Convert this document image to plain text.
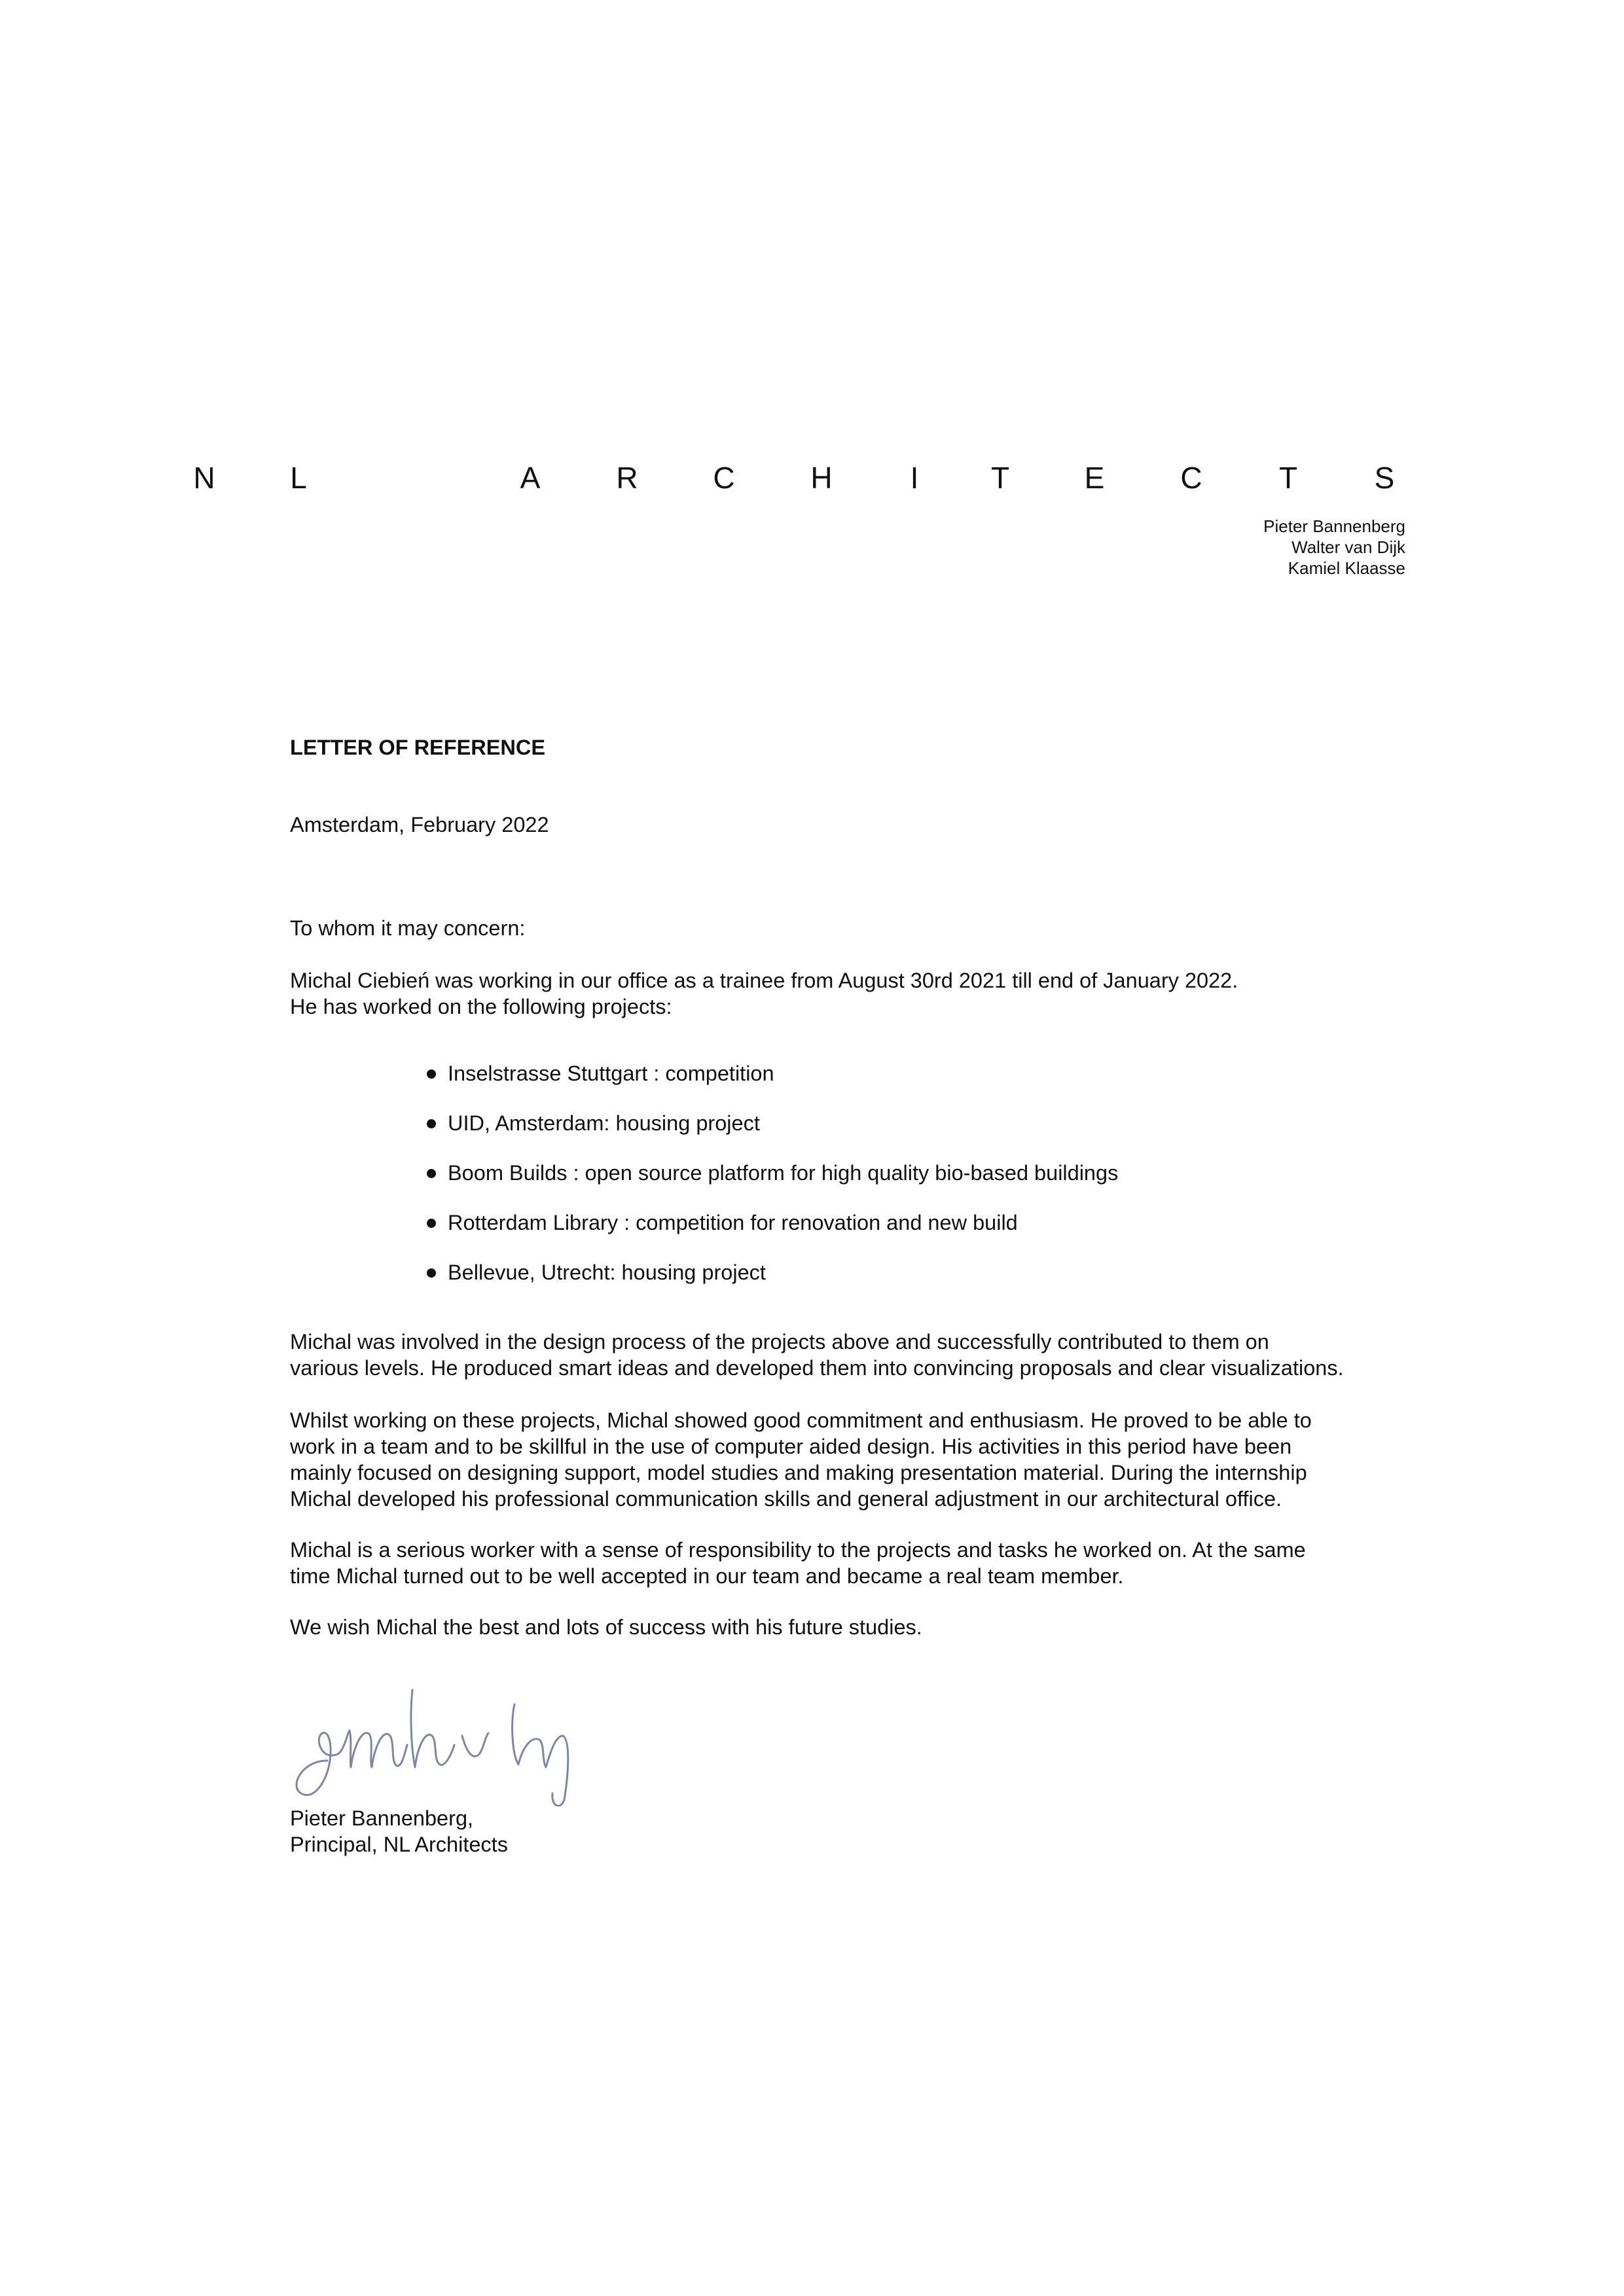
N L	A	R C	H	I T E	C	T	S
Pieter Bannenberg
Walter van Dijk
Kamiel Klaasse
LETTER OF REFERENCE
Amsterdam, February 2022
To whom it may concern:

Michal Ciebień was working in our office as a trainee from August 30rd 2021 till end of January 2022.

He has worked on the following projects:

Inselstrasse Stuttgart : competition
UID, Amsterdam: housing project
Boom Builds : open source platform for high quality bio-based buildings
Rotterdam Library : competition for renovation and new build
Bellevue, Utrecht: housing project

Michal was involved in the design process of the projects above and successfully contributed to them on

various levels. He produced smart ideas and developed them into convincing proposals and clear visualizations.

Whilst working on these projects, Michal showed good commitment and enthusiasm. He proved to be able to

work in a team and to be skillful in the use of computer aided design. His activities in this period have been

mainly focused on designing support, model studies and making presentation material. During the internship

Michal developed his professional communication skills and general adjustment in our architectural office.

Michal is a serious worker with a sense of responsibility to the projects and tasks he worked on. At the same

time Michal turned out to be well accepted in our team and became a real team member.

We wish Michal the best and lots of success with his future studies.
Pieter Bannenberg,
Principal, NL Architects
